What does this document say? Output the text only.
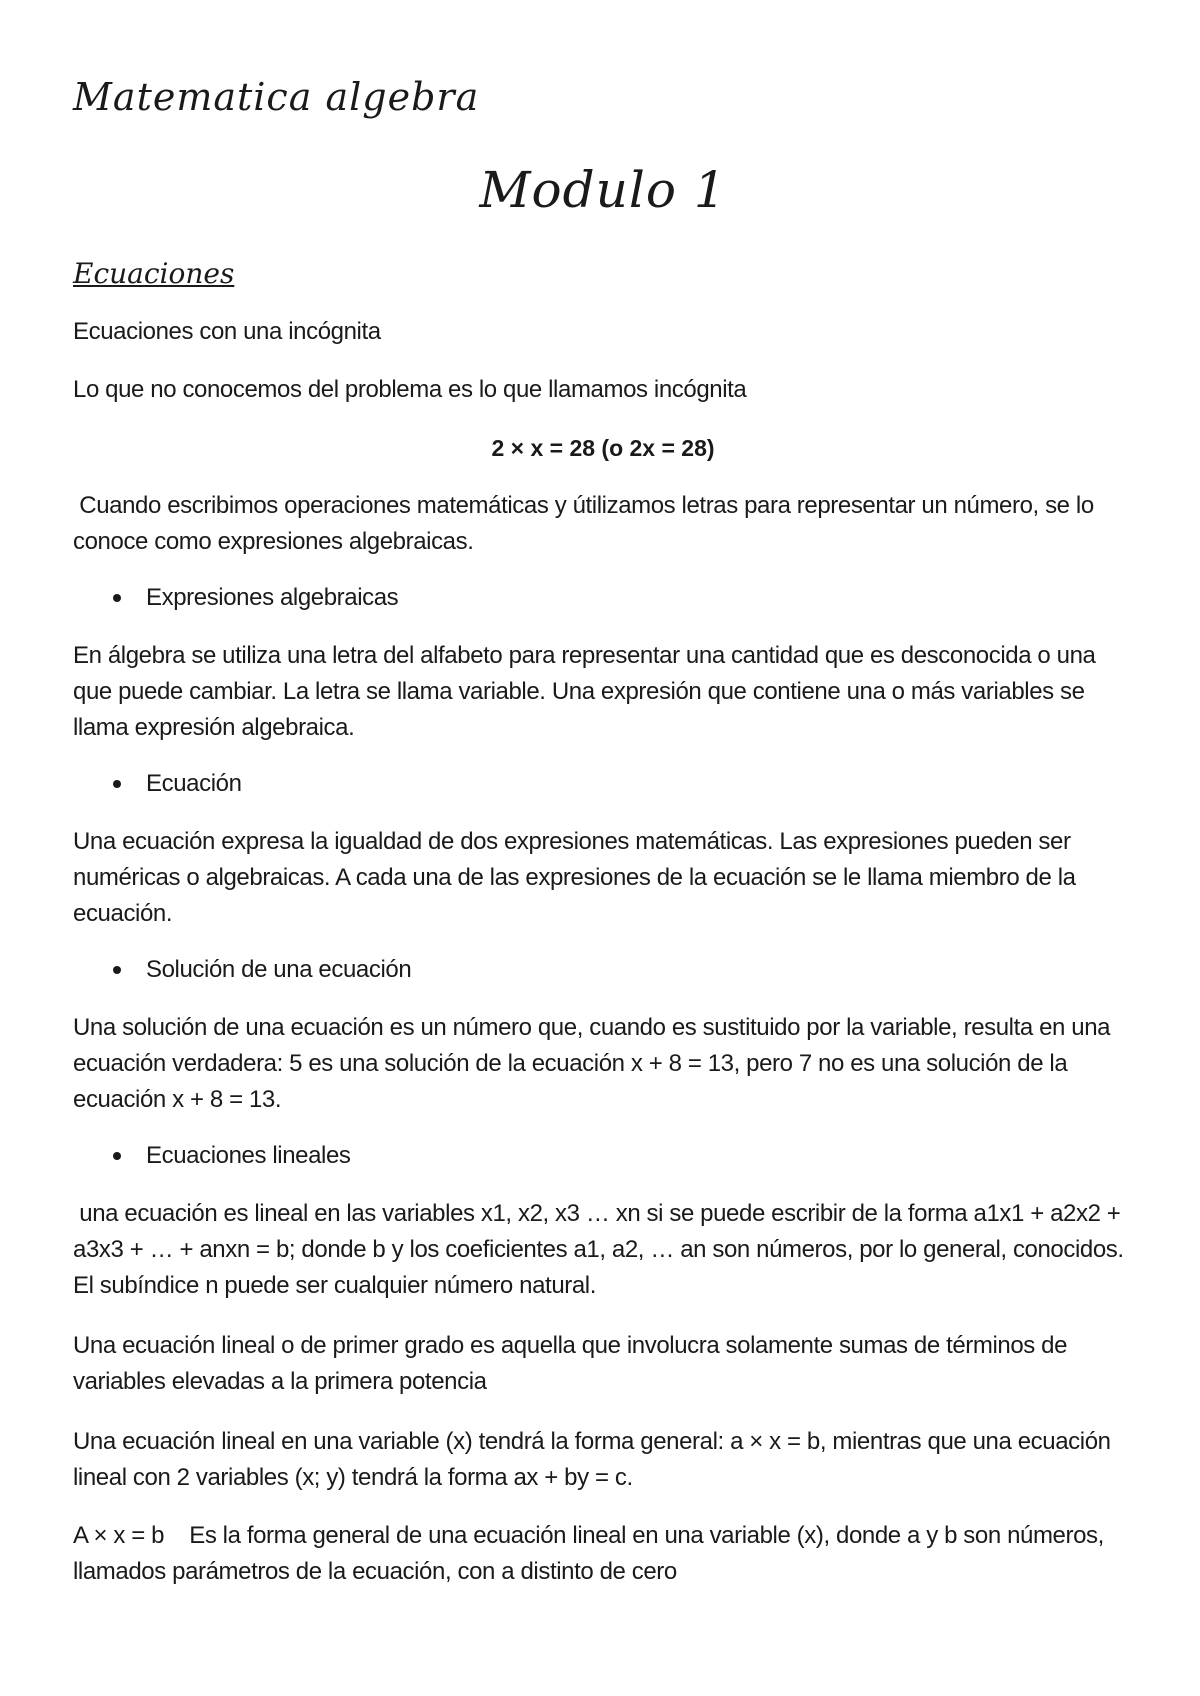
Matematica algebra
Modulo 1
Ecuaciones

Ecuaciones con una incógnita

Lo que no conocemos del problema es lo que llamamos incógnita

2 × x = 28 (o 2x = 28)

Cuando escribimos operaciones matemáticas y útilizamos letras para representar un número, se lo conoce como expresiones algebraicas.

Expresiones algebraicas

En álgebra se utiliza una letra del alfabeto para representar una cantidad que es desconocida o una que puede cambiar. La letra se llama variable. Una expresión que contiene una o más variables se llama expresión algebraica.

Ecuación

Una ecuación expresa la igualdad de dos expresiones matemáticas. Las expresiones pueden ser numéricas o algebraicas. A cada una de las expresiones de la ecuación se le llama miembro de la ecuación.

Solución de una ecuación

Una solución de una ecuación es un número que, cuando es sustituido por la variable, resulta en una ecuación verdadera: 5 es una solución de la ecuación x + 8 = 13, pero 7 no es una solución de la ecuación x + 8 = 13.

Ecuaciones lineales

una ecuación es lineal en las variables x1, x2, x3 … xn si se puede escribir de la forma a1x1 + a2x2 + a3x3 + … + anxn = b; donde b y los coeficientes a1, a2, … an son números, por lo general, conocidos. El subíndice n puede ser cualquier número natural.

Una ecuación lineal o de primer grado es aquella que involucra solamente sumas de términos de variables elevadas a la primera potencia

Una ecuación lineal en una variable (x) tendrá la forma general: a × x = b, mientras que una ecuación lineal con 2 variables (x; y) tendrá la forma ax + by = c.

A × x = b    Es la forma general de una ecuación lineal en una variable (x), donde a y b son números, llamados parámetros de la ecuación, con a distinto de cero
